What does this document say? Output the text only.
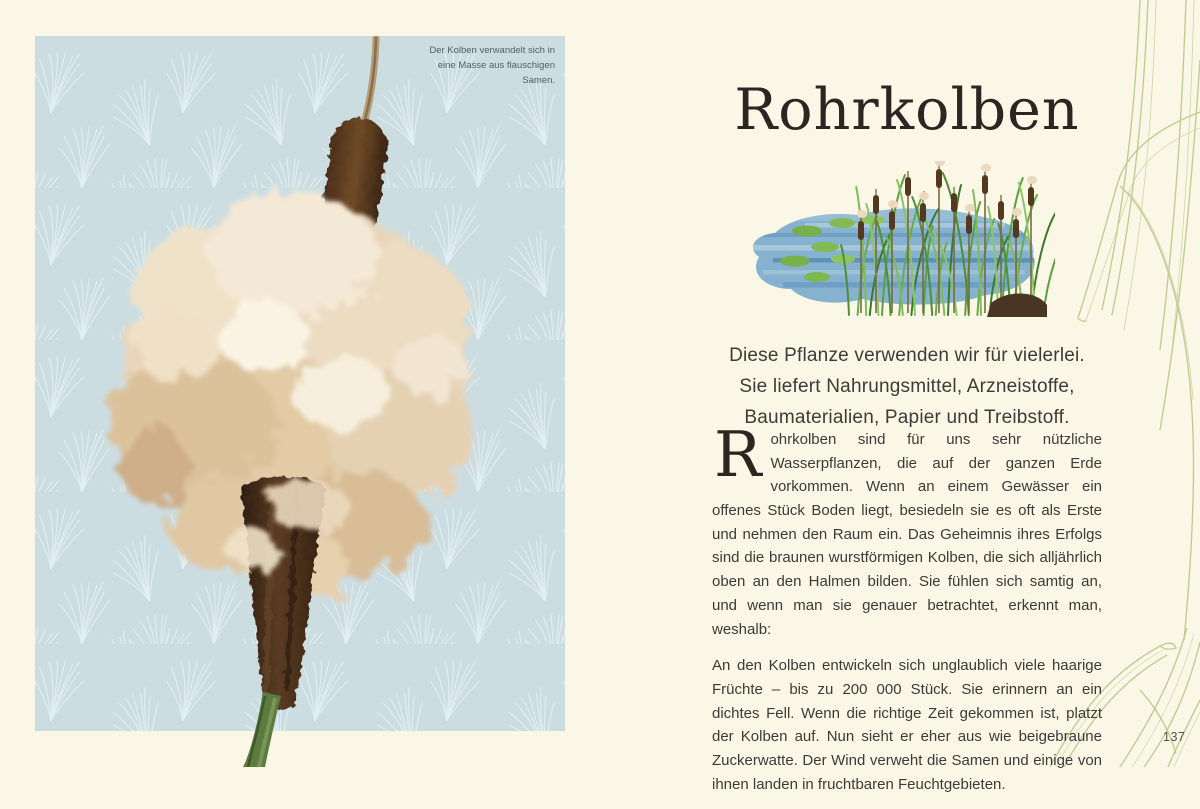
Der Kolben verwandelt sich in eine Masse aus flauschigen Samen.	Rohrkolben
Diese Pflanze verwenden wir für vielerlei.
Sie liefert Nahrungsmittel, Arzneistoffe,
Baumaterialien, Papier und Treibstoff.

Rohrkolben sind für uns sehr nützliche Wasserpflanzen, die auf der ganzen Erde vorkommen. Wenn an einem Gewässer ein offenes Stück Boden liegt, besiedeln sie es oft als Erste und nehmen den Raum ein. Das Geheimnis ihres Erfolgs sind die braunen wurstförmigen Kolben, die sich alljährlich oben an den Halmen bilden. Sie fühlen sich samtig an, und wenn man sie genauer betrachtet, erkennt man, weshalb:

An den Kolben entwickeln sich unglaublich viele haarige Früchte – bis zu 200 000 Stück. Sie erinnern an ein dichtes Fell. Wenn die richtige Zeit gekommen ist, platzt der Kolben auf. Nun sieht er eher aus wie beigebraune Zuckerwatte. Der Wind verweht die Samen und einige von ihnen landen in fruchtbaren Feuchtgebieten.

137
